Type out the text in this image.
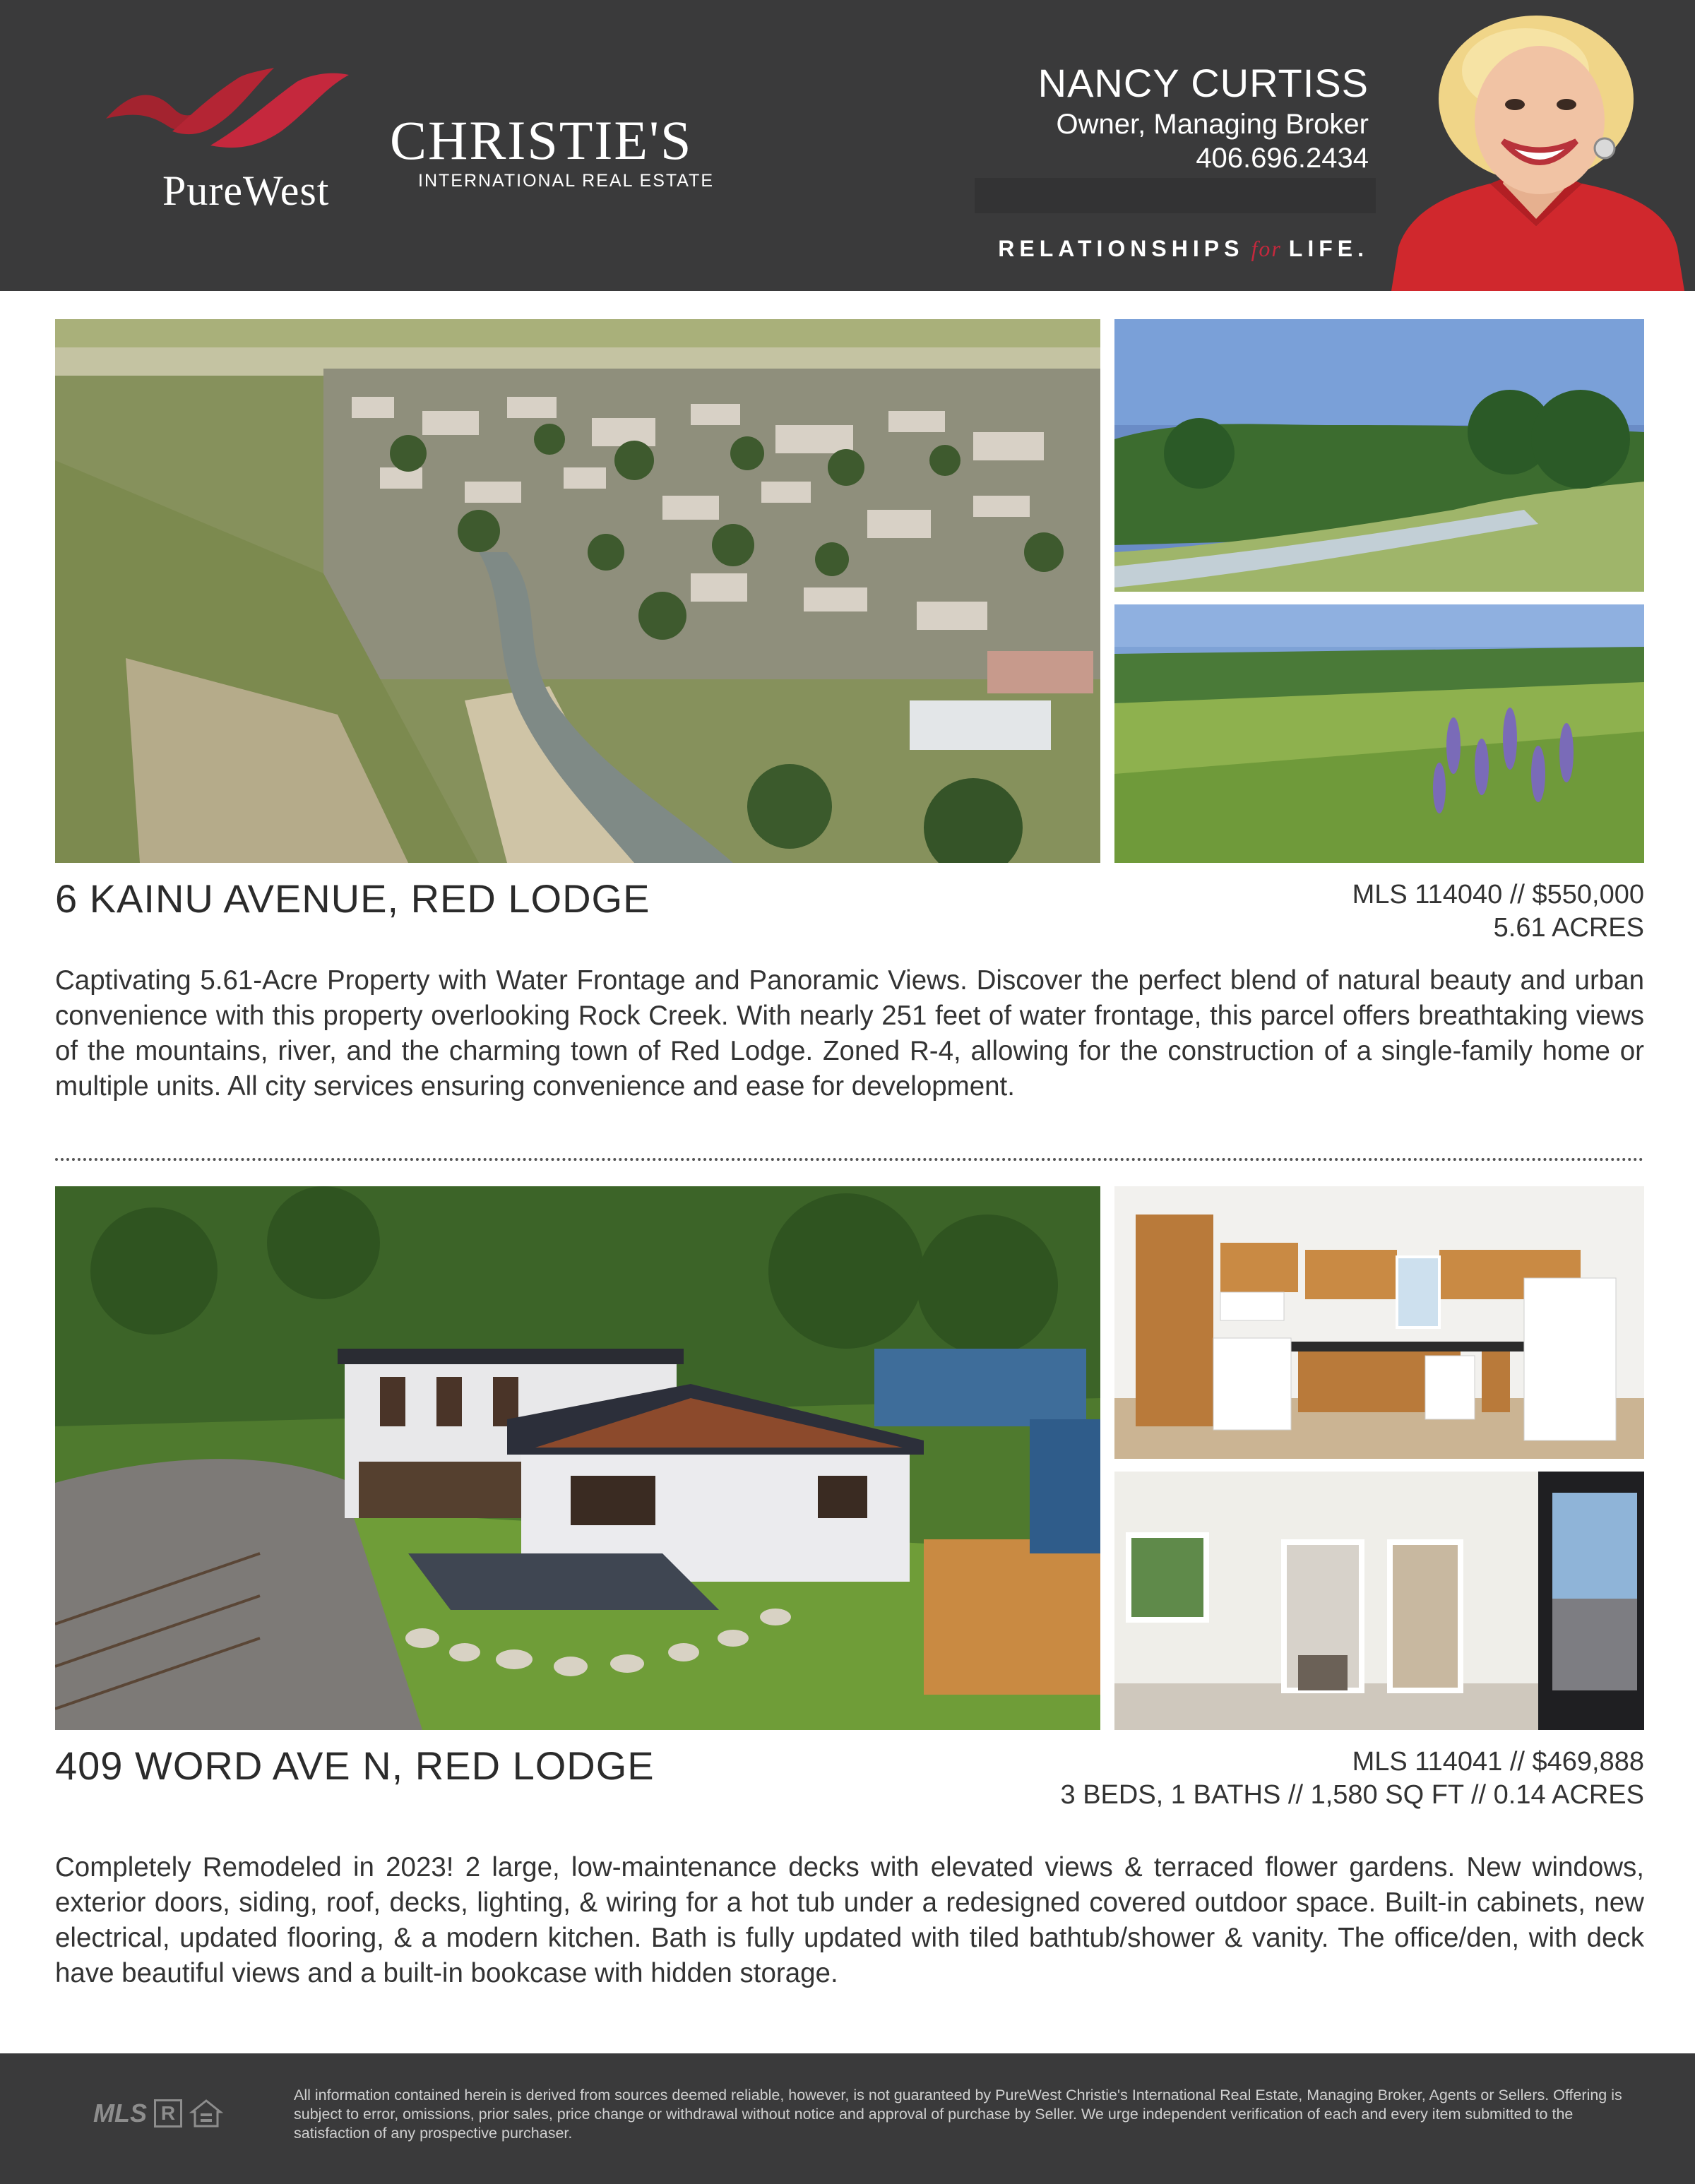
PureWest
CHRISTIE'S
INTERNATIONAL REAL ESTATE
NANCY CURTISS
Owner, Managing Broker
406.696.2434
RELATIONSHIPS for LIFE.
6 KAINU AVENUE, RED LODGE	MLS 114040 // $550,000
5.61 ACRES
Captivating 5.61-Acre Property with Water Frontage and Panoramic Views. Discover the perfect blend of natural beauty and urban convenience with this property overlooking Rock Creek. With nearly 251 feet of water frontage, this parcel offers breathtaking views of the mountains, river, and the charming town of Red Lodge. Zoned R-4, allowing for the construction of a single-family home or multiple units. All city services ensuring convenience and ease for development.
409 WORD AVE N, RED LODGE	MLS 114041 // $469,888
3 BEDS, 1 BATHS // 1,580 SQ FT // 0.14 ACRES
Completely Remodeled in 2023! 2 large, low-maintenance decks with elevated views & terraced flower gardens. New windows, exterior doors, siding, roof, decks, lighting, & wiring for a hot tub under a redesigned covered outdoor space. Built-in cabinets, new electrical, updated flooring, & a modern kitchen. Bath is fully updated with tiled bathtub/shower & vanity. The office/den, with deck have beautiful views and a built-in bookcase with hidden storage.
MLS R
All information contained herein is derived from sources deemed reliable, however, is not guaranteed by PureWest Christie's International Real Estate, Managing Broker, Agents or Sellers. Offering is subject to error, omissions, prior sales, price change or withdrawal without notice and approval of purchase by Seller. We urge independent verification of each and every item submitted to the satisfaction of any prospective purchaser.
